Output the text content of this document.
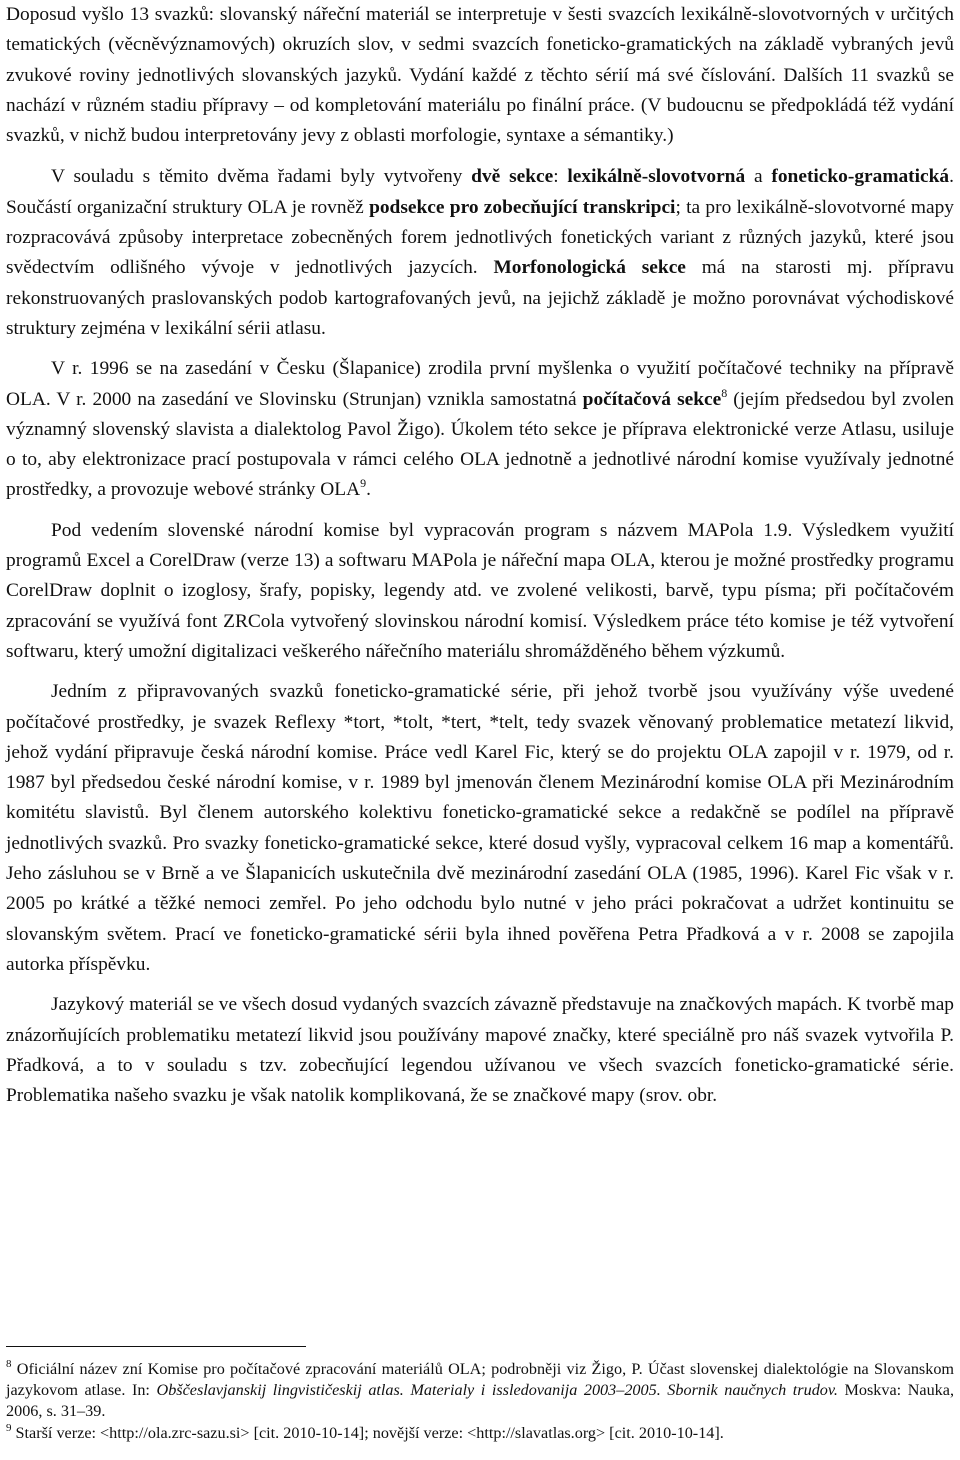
Doposud vyšlo 13 svazků: slovanský nářeční materiál se interpretuje v šesti svazcích lexikálně-slovotvorných v určitých tematických (věcněvýznamových) okruzích slov, v sedmi svazcích foneticko-gramatických na základě vybraných jevů zvukové roviny jednotlivých slovanských jazyků. Vydání každé z těchto sérií má své číslování. Dalších 11 svazků se nachází v různém stadiu přípravy – od kompletování materiálu po finální práce. (V budoucnu se předpokládá též vydání svazků, v nichž budou interpretovány jevy z oblasti morfologie, syntaxe a sémantiky.)

V souladu s těmito dvěma řadami byly vytvořeny dvě sekce: lexikálně-slovotvorná a foneticko-gramatická. Součástí organizační struktury OLA je rovněž podsekce pro zobecňující transkripci; ta pro lexikálně-slovotvorné mapy rozpracovává způsoby interpretace zobecněných forem jednotlivých fonetických variant z různých jazyků, které jsou svědectvím odlišného vývoje v jednotlivých jazycích. Morfonologická sekce má na starosti mj. přípravu rekonstruovaných praslovanských podob kartografovaných jevů, na jejichž základě je možno porovnávat východiskové struktury zejména v lexikální sérii atlasu.

V r. 1996 se na zasedání v Česku (Šlapanice) zrodila první myšlenka o využití počítačové techniky na přípravě OLA. V r. 2000 na zasedání ve Slovinsku (Strunjan) vznikla samostatná počítačová sekce$^8$ (jejím předsedou byl zvolen významný slovenský slavista a dialektolog Pavol Žigo). Úkolem této sekce je příprava elektronické verze Atlasu, usiluje o to, aby elektronizace prací postupovala v rámci celého OLA jednotně a jednotlivé národní komise využívaly jednotné prostředky, a provozuje webové stránky OLA$^9$.

Pod vedením slovenské národní komise byl vypracován program s názvem MAPola 1.9. Výsledkem využití programů Excel a CorelDraw (verze 13) a softwaru MAPola je nářeční mapa OLA, kterou je možné prostředky programu CorelDraw doplnit o izoglosy, šrafy, popisky, legendy atd. ve zvolené velikosti, barvě, typu písma; při počítačovém zpracování se využívá font ZRCola vytvořený slovinskou národní komisí. Výsledkem práce této komise je též vytvoření softwaru, který umožní digitalizaci veškerého nářečního materiálu shromážděného během výzkumů.

Jedním z připravovaných svazků foneticko-gramatické série, při jehož tvorbě jsou využívány výše uvedené počítačové prostředky, je svazek Reflexy *tort, *tolt, *tert, *telt, tedy svazek věnovaný problematice metatezí likvid, jehož vydání připravuje česká národní komise. Práce vedl Karel Fic, který se do projektu OLA zapojil v r. 1979, od r. 1987 byl předsedou české národní komise, v r. 1989 byl jmenován členem Mezinárodní komise OLA při Mezinárodním komitétu slavistů. Byl členem autorského kolektivu foneticko-gramatické sekce a redakčně se podílel na přípravě jednotlivých svazků. Pro svazky foneticko-gramatické sekce, které dosud vyšly, vypracoval celkem 16 map a komentářů. Jeho zásluhou se v Brně a ve Šlapanicích uskutečnila dvě mezinárodní zasedání OLA (1985, 1996). Karel Fic však v r. 2005 po krátké a těžké nemoci zemřel. Po jeho odchodu bylo nutné v jeho práci pokračovat a udržet kontinuitu se slovanským světem. Prací ve foneticko-gramatické sérii byla ihned pověřena Petra Přadková a v r. 2008 se zapojila autorka příspěvku.

Jazykový materiál se ve všech dosud vydaných svazcích závazně představuje na značkových mapách. K tvorbě map znázorňujících problematiku metatezí likvid jsou používány mapové značky, které speciálně pro náš svazek vytvořila P. Přadková, a to v souladu s tzv. zobecňující legendou užívanou ve všech svazcích foneticko-gramatické série. Problematika našeho svazku je však natolik komplikovaná, že se značkové mapy (srov. obr.

$^8$ Oficiální název zní Komise pro počítačové zpracování materiálů OLA; podrobněji viz Žigo, P. Účast slovenskej dialektológie na Slovanskom jazykovom atlase. In: Obščeslavjanskij lingvističeskij atlas. Materialy i issledovanija 2003–2005. Sbornik naučnych trudov. Moskva: Nauka, 2006, s. 31–39.

$^9$ Starší verze: <http://ola.zrc-sazu.si> [cit. 2010-10-14]; novější verze: <http://slavatlas.org> [cit. 2010-10-14].
